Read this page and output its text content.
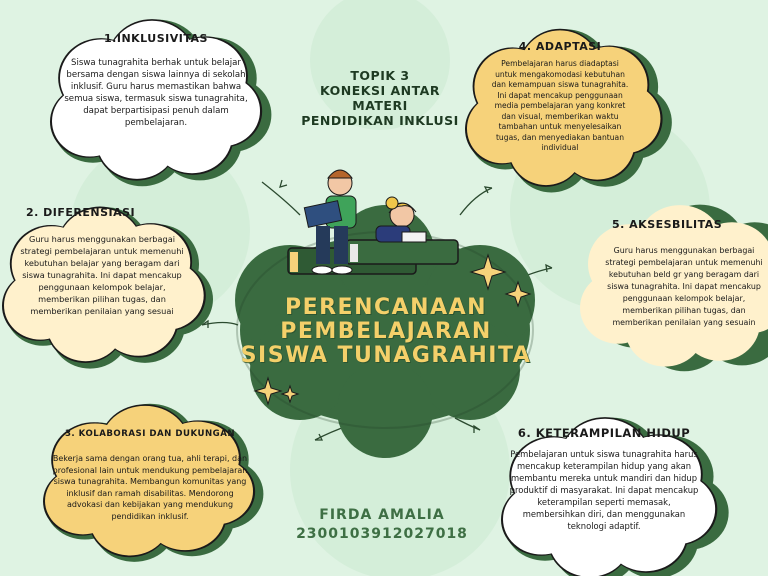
TOPIK 3
KONEKSI ANTAR
MATERI
PENDIDIKAN INKLUSI
PERENCANAAN
PEMBELAJARAN
SISWA TUNAGRAHITA
FIRDA AMALIA
2300103912027018
1.INKLUSIVITAS
Siswa tunagrahita berhak untuk belajar bersama dengan siswa lainnya di sekolah inklusif. Guru harus memastikan bahwa semua siswa, termasuk siswa tunagrahita, dapat berpartisipasi penuh dalam pembelajaran.
4. ADAPTASI
Pembelajaran harus diadaptasi untuk mengakomodasi kebutuhan dan kemampuan siswa tunagrahita. Ini dapat mencakup penggunaan media pembelajaran yang konkret dan visual, memberikan waktu tambahan untuk menyelesaikan tugas, dan menyediakan bantuan individual
2. DIFERENSIASI
Guru harus menggunakan berbagai strategi pembelajaran untuk memenuhi kebutuhan belajar yang beragam dari siswa tunagrahita. Ini dapat mencakup penggunaan kelompok belajar, memberikan pilihan tugas, dan memberikan penilaian yang sesuai
5. AKSESBILITAS
Guru harus menggunakan berbagai strategi pembelajaran untuk memenuhi kebutuhan beld gr yang beragam dari siswa tunagrahita. Ini dapat mencakup penggunaan kelompok belajar, memberikan pilihan tugas, dan memberikan penilaian yang sesuain
3. KOLABORASI DAN DUKUNGAN
Bekerja sama dengan orang tua, ahli terapi, dan profesional lain untuk mendukung pembelajaran siswa tunagrahita. Membangun komunitas yang inklusif dan ramah disabilitas. Mendorong advokasi dan kebijakan yang mendukung pendidikan inklusif.
6. KETERAMPILAN HIDUP
Pembelajaran untuk siswa tunagrahita harus mencakup keterampilan hidup yang akan membantu mereka untuk mandiri dan hidup produktif di masyarakat. Ini dapat mencakup keterampilan seperti memasak, membersihkan diri, dan menggunakan teknologi adaptif.
